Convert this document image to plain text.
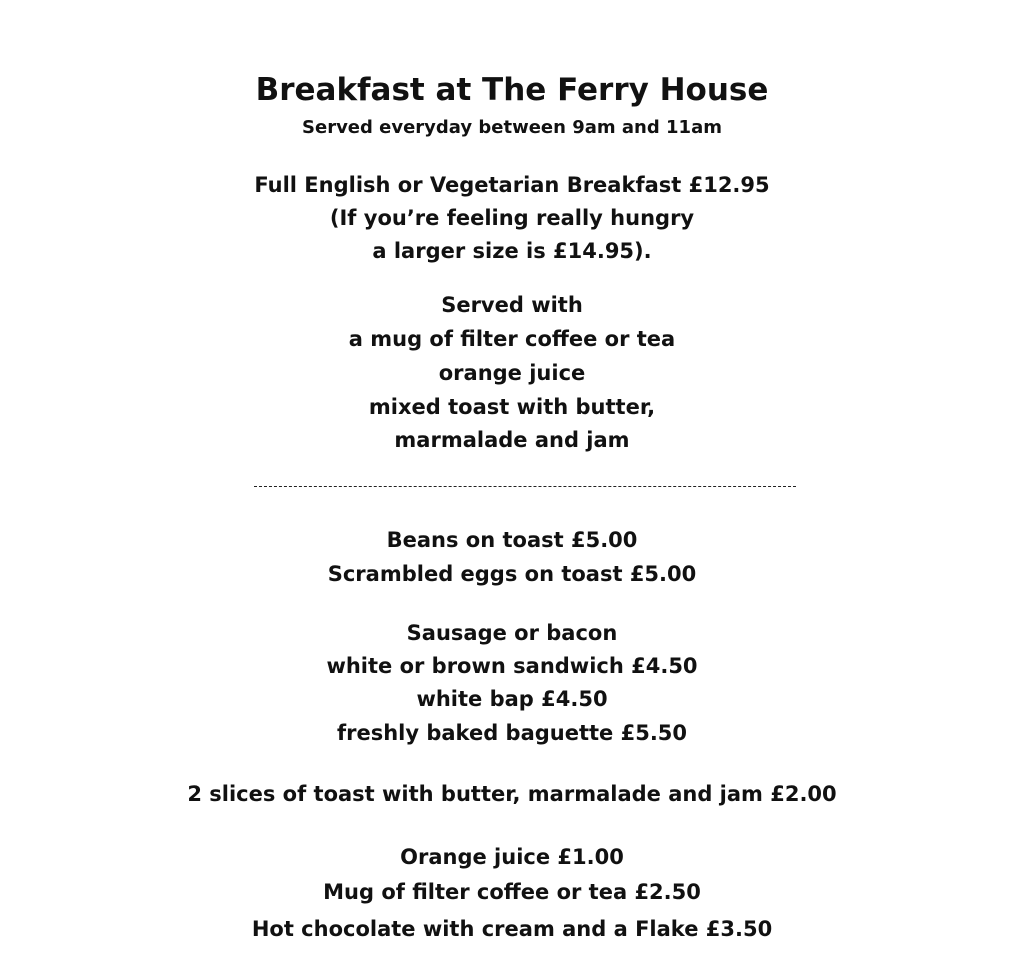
Breakfast at The Ferry House
Served everyday between 9am and 11am
Full English or Vegetarian Breakfast £12.95
(If you’re feeling really hungry
a larger size is £14.95).
Served with
a mug of filter coffee or tea
orange juice
mixed toast with butter,
marmalade and jam
Beans on toast £5.00
Scrambled eggs on toast £5.00
Sausage or bacon
white or brown sandwich £4.50
white bap £4.50
freshly baked baguette £5.50
2 slices of toast with butter, marmalade and jam £2.00
Orange juice £1.00
Mug of filter coffee or tea £2.50
Hot chocolate with cream and a Flake £3.50
